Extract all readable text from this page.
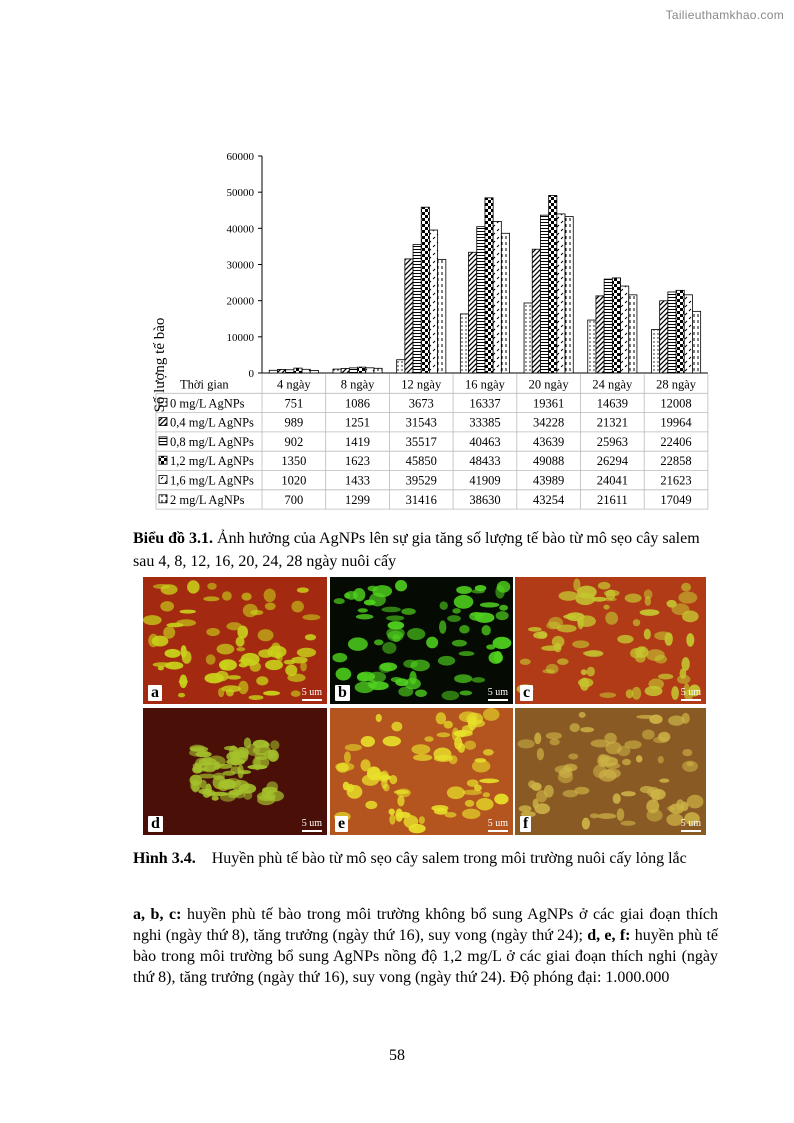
Tailieuthamkhao.com
0
10000
20000
30000
40000
50000
60000
Thời gian	4 ngày 8 ngày 12 ngày 16 ngày 20 ngày 24 ngày 28 ngày
0 mg/L AgNPs	751	1086	3673	16337	19361	14639	12008
0,4 mg/L AgNPs 989	1251	31543	33385	34228	21321	19964
0,8 mg/L AgNPs 902	1419	35517	40463	43639	25963	22406
1,2 mg/L AgNPs 1350	1623	45850	48433	49088	26294	22858
1,6 mg/L AgNPs 1020	1433	39529	41909	43989	24041	21623
2 mg/L AgNPs	700	1299	31416	38630	43254	21611	17049
Số lượng tế bào
Biểu đồ 3.1. Ảnh hưởng của AgNPs lên sự gia tăng số lượng tế bào từ mô sẹo cây salem sau 4, 8, 12, 16, 20, 24, 28 ngày nuôi cấy
a	5 um b	5 um c	5 um
d	5 um e	5 um f	5 um
Hình 3.4. Huyền phù tế bào từ mô sẹo cây salem trong môi trường nuôi cấy lỏng lắc
a, b, c: huyền phù tế bào trong môi trường không bổ sung AgNPs ở các giai đoạn thích nghi (ngày thứ 8), tăng trưởng (ngày thứ 16), suy vong (ngày thứ 24); d, e, f: huyền phù tế bào trong môi trường bổ sung AgNPs nồng độ 1,2 mg/L ở các giai đoạn thích nghi (ngày thứ 8), tăng trưởng (ngày thứ 16), suy vong (ngày thứ 24). Độ phóng đại: 1.000.000
58
